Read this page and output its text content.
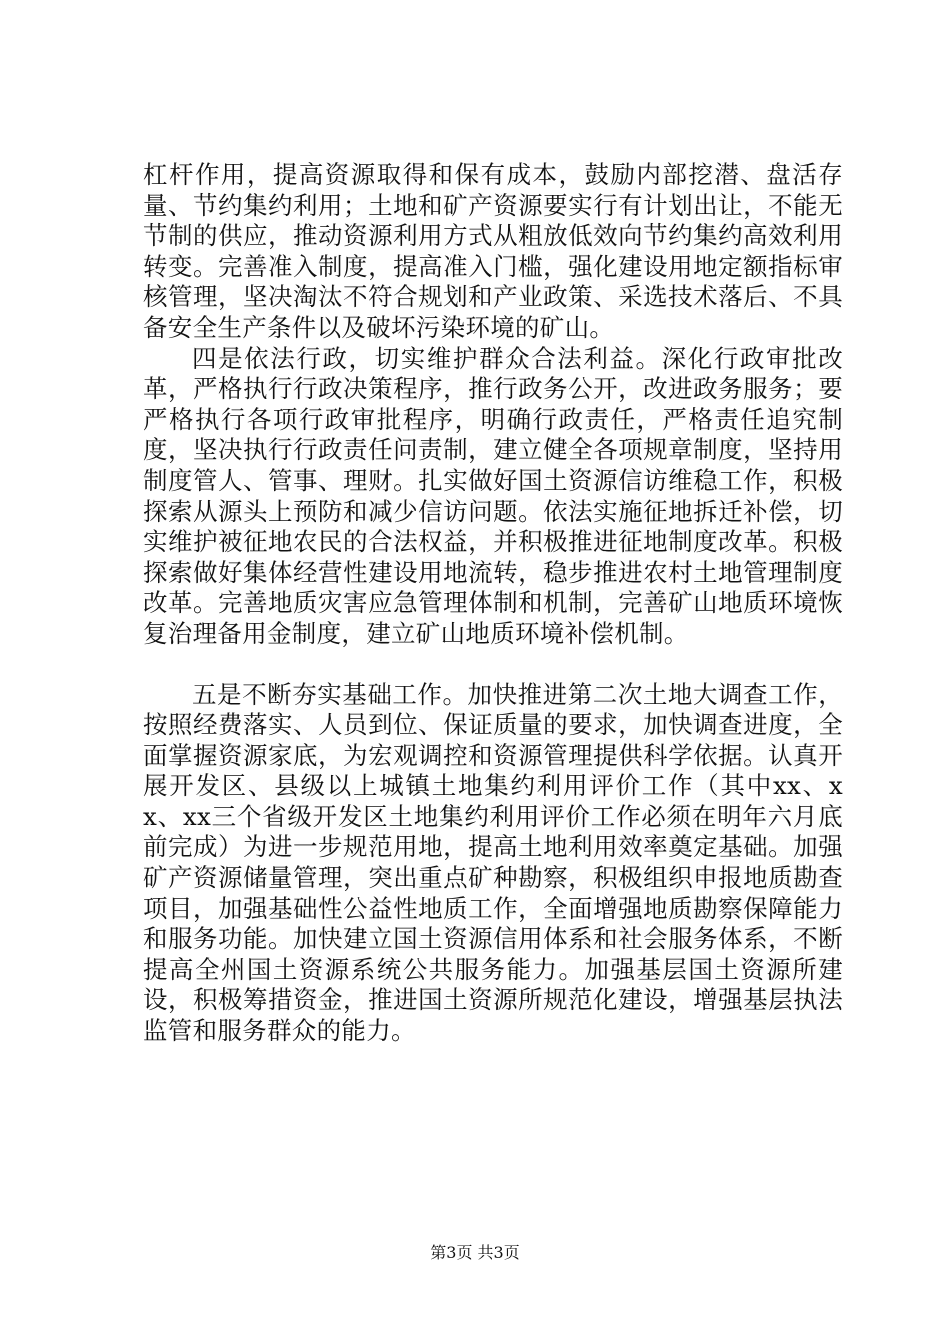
杠杆作用，提高资源取得和保有成本，鼓励内部挖潜、盘活存量、节约集约利用；土地和矿产资源要实行有计划出让，不能无节制的供应，推动资源利用方式从粗放低效向节约集约高效利用转变。完善准入制度，提高准入门槛，强化建设用地定额指标审核管理，坚决淘汰不符合规划和产业政策、采选技术落后、不具备安全生产条件以及破坏污染环境的矿山。

四是依法行政，切实维护群众合法利益。深化行政审批改革，严格执行行政决策程序，推行政务公开，改进政务服务；要严格执行各项行政审批程序，明确行政责任，严格责任追究制度，坚决执行行政责任问责制，建立健全各项规章制度，坚持用制度管人、管事、理财。扎实做好国土资源信访维稳工作，积极探索从源头上预防和减少信访问题。依法实施征地拆迁补偿，切实维护被征地农民的合法权益，并积极推进征地制度改革。积极探索做好集体经营性建设用地流转，稳步推进农村土地管理制度改革。完善地质灾害应急管理体制和机制，完善矿山地质环境恢复治理备用金制度，建立矿山地质环境补偿机制。

五是不断夯实基础工作。加快推进第二次土地大调查工作，按照经费落实、人员到位、保证质量的要求，加快调查进度，全面掌握资源家底，为宏观调控和资源管理提供科学依据。认真开展开发区、县级以上城镇土地集约利用评价工作（其中xx、xx、xx三个省级开发区土地集约利用评价工作必须在明年六月底前完成）为进一步规范用地，提高土地利用效率奠定基础。加强矿产资源储量管理，突出重点矿种勘察，积极组织申报地质勘查项目，加强基础性公益性地质工作，全面增强地质勘察保障能力和服务功能。加快建立国土资源信用体系和社会服务体系，不断提高全州国土资源系统公共服务能力。加强基层国土资源所建设，积极筹措资金，推进国土资源所规范化建设，增强基层执法监管和服务群众的能力。

第3页 共3页
